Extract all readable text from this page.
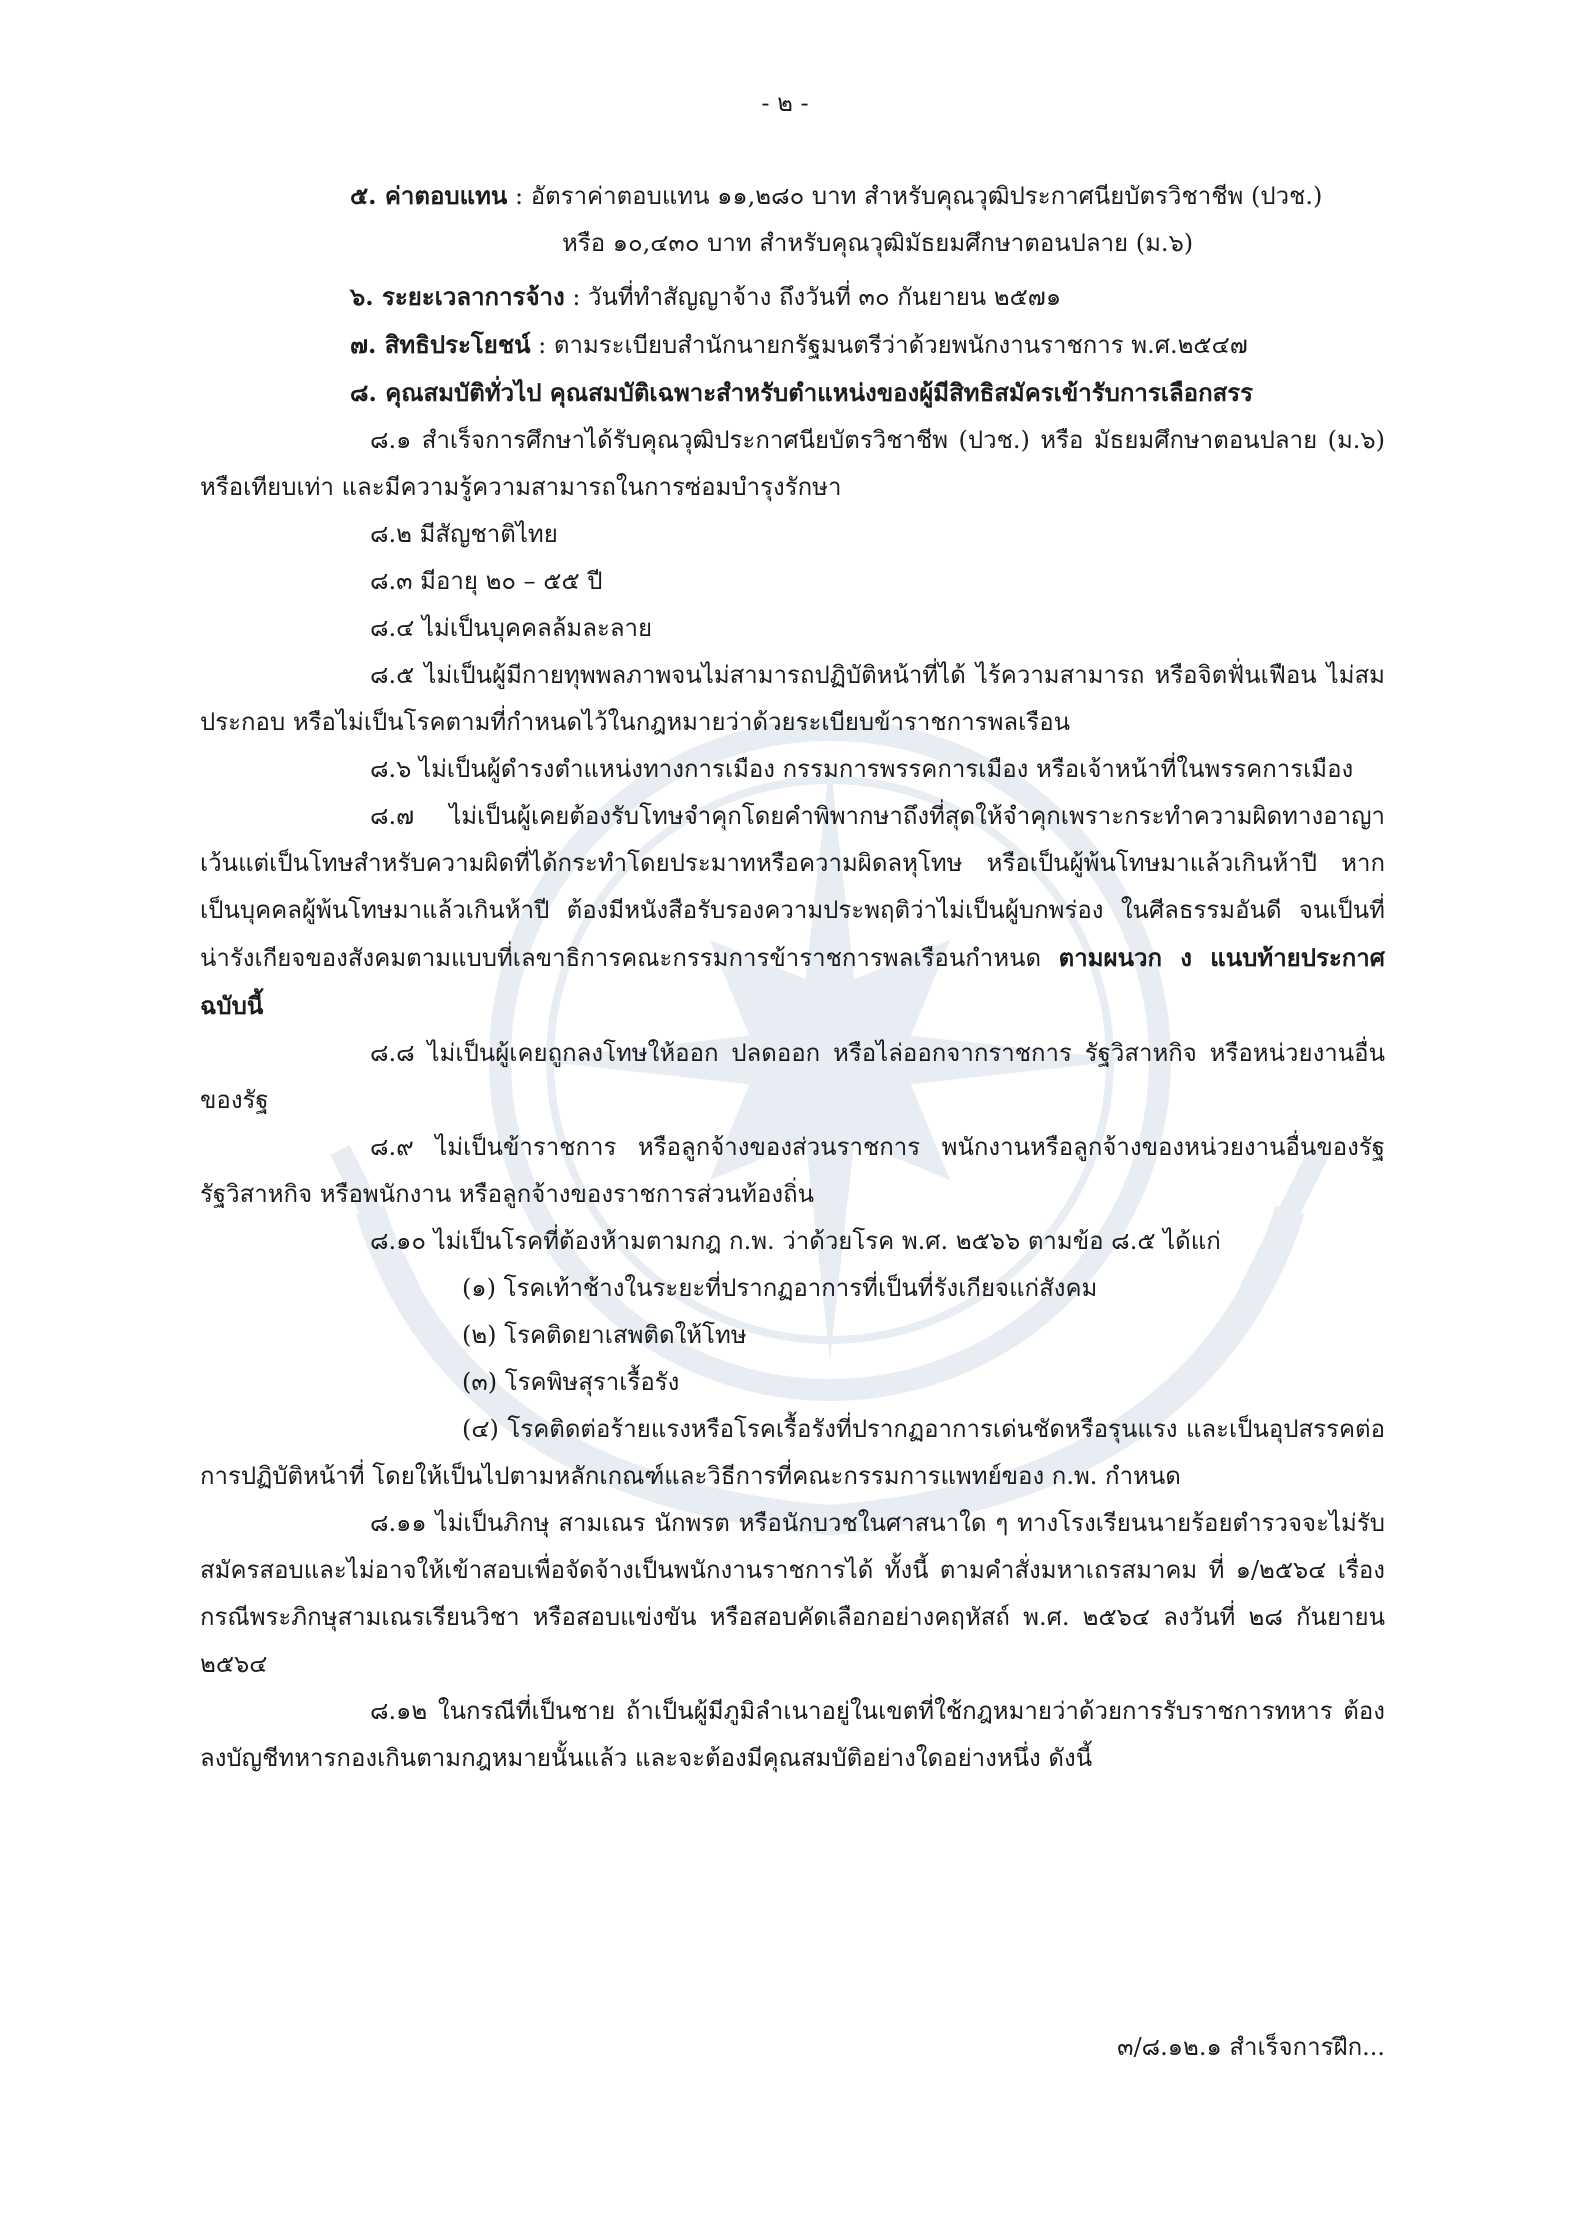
- ๒ -

๕. ค่าตอบแทน : อัตราค่าตอบแทน ๑๑,๒๘๐ บาท สำหรับคุณวุฒิประกาศนียบัตรวิชาชีพ (ปวช.)

หรือ ๑๐,๔๓๐ บาท สำหรับคุณวุฒิมัธยมศึกษาตอนปลาย (ม.๖)

๖. ระยะเวลาการจ้าง : วันที่ทำสัญญาจ้าง ถึงวันที่ ๓๐ กันยายน ๒๕๗๑

๗. สิทธิประโยชน์ : ตามระเบียบสำนักนายกรัฐมนตรีว่าด้วยพนักงานราชการ พ.ศ.๒๕๔๗

๘. คุณสมบัติทั่วไป คุณสมบัติเฉพาะสำหรับตำแหน่งของผู้มีสิทธิสมัครเข้ารับการเลือกสรร

๘.๑ สำเร็จการศึกษาได้รับคุณวุฒิประกาศนียบัตรวิชาชีพ (ปวช.) หรือ มัธยมศึกษาตอนปลาย (ม.๖) หรือเทียบเท่า และมีความรู้ความสามารถในการซ่อมบำรุงรักษา

๘.๒ มีสัญชาติไทย

๘.๓ มีอายุ ๒๐ – ๕๕ ปี

๘.๔ ไม่เป็นบุคคลล้มละลาย

๘.๕ ไม่เป็นผู้มีกายทุพพลภาพจนไม่สามารถปฏิบัติหน้าที่ได้ ไร้ความสามารถ หรือจิตฟั่นเฟือน ไม่สมประกอบ หรือไม่เป็นโรคตามที่กำหนดไว้ในกฎหมายว่าด้วยระเบียบข้าราชการพลเรือน

๘.๖ ไม่เป็นผู้ดำรงตำแหน่งทางการเมือง กรรมการพรรคการเมือง หรือเจ้าหน้าที่ในพรรคการเมือง

๘.๗ ไม่เป็นผู้เคยต้องรับโทษจำคุกโดยคำพิพากษาถึงที่สุดให้จำคุกเพราะกระทำความผิดทางอาญา เว้นแต่เป็นโทษสำหรับความผิดที่ได้กระทำโดยประมาทหรือความผิดลหุโทษ หรือเป็นผู้พ้นโทษมาแล้วเกินห้าปี หากเป็นบุคคลผู้พ้นโทษมาแล้วเกินห้าปี ต้องมีหนังสือรับรองความประพฤติว่าไม่เป็นผู้บกพร่อง ในศีลธรรมอันดี จนเป็นที่น่ารังเกียจของสังคมตามแบบที่เลขาธิการคณะกรรมการข้าราชการพลเรือนกำหนด ตามผนวก ง แนบท้ายประกาศฉบับนี้

๘.๘ ไม่เป็นผู้เคยถูกลงโทษให้ออก ปลดออก หรือไล่ออกจากราชการ รัฐวิสาหกิจ หรือหน่วยงานอื่นของรัฐ

๘.๙ ไม่เป็นข้าราชการ หรือลูกจ้างของส่วนราชการ พนักงานหรือลูกจ้างของหน่วยงานอื่นของรัฐ รัฐวิสาหกิจ หรือพนักงาน หรือลูกจ้างของราชการส่วนท้องถิ่น

๘.๑๐ ไม่เป็นโรคที่ต้องห้ามตามกฎ ก.พ. ว่าด้วยโรค พ.ศ. ๒๕๖๖ ตามข้อ ๘.๕ ได้แก่

(๑) โรคเท้าช้างในระยะที่ปรากฏอาการที่เป็นที่รังเกียจแก่สังคม

(๒) โรคติดยาเสพติดให้โทษ

(๓) โรคพิษสุราเรื้อรัง

(๔) โรคติดต่อร้ายแรงหรือโรคเรื้อรังที่ปรากฏอาการเด่นชัดหรือรุนแรง และเป็นอุปสรรคต่อการปฏิบัติหน้าที่ โดยให้เป็นไปตามหลักเกณฑ์และวิธีการที่คณะกรรมการแพทย์ของ ก.พ. กำหนด

๘.๑๑ ไม่เป็นภิกษุ สามเณร นักพรต หรือนักบวชในศาสนาใด ๆ ทางโรงเรียนนายร้อยตำรวจจะไม่รับสมัครสอบและไม่อาจให้เข้าสอบเพื่อจัดจ้างเป็นพนักงานราชการได้ ทั้งนี้ ตามคำสั่งมหาเถรสมาคม ที่ ๑/๒๕๖๔ เรื่อง กรณีพระภิกษุสามเณรเรียนวิชา หรือสอบแข่งขัน หรือสอบคัดเลือกอย่างคฤหัสถ์ พ.ศ. ๒๕๖๔ ลงวันที่ ๒๘ กันยายน ๒๕๖๔

๘.๑๒ ในกรณีที่เป็นชาย ถ้าเป็นผู้มีภูมิลำเนาอยู่ในเขตที่ใช้กฎหมายว่าด้วยการรับราชการทหาร ต้องลงบัญชีทหารกองเกินตามกฎหมายนั้นแล้ว และจะต้องมีคุณสมบัติอย่างใดอย่างหนึ่ง ดังนี้

๓/๘.๑๒.๑ สำเร็จการฝึก...
